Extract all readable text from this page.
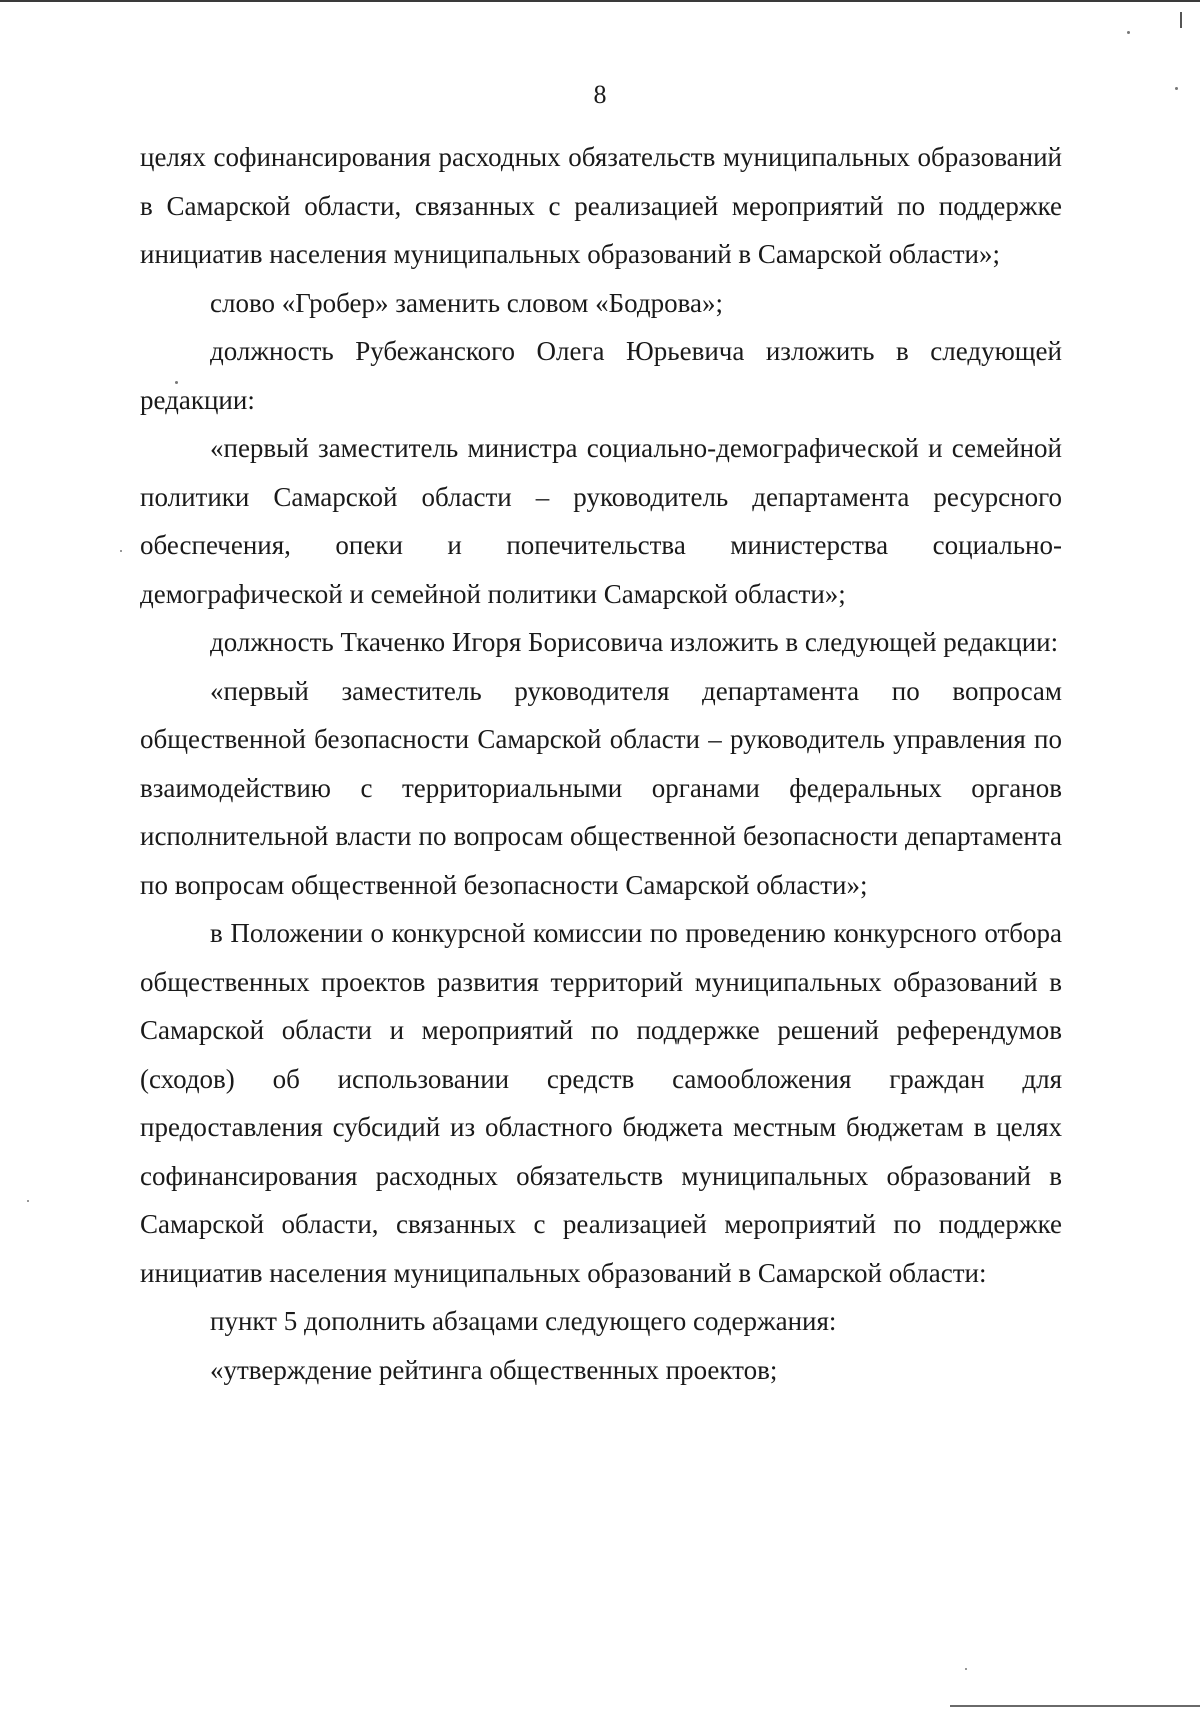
8

целях софинансирования расходных обязательств муниципальных образований в Самарской области, связанных с реализацией мероприятий по поддержке инициатив населения муниципальных образований в Самарской области»;

слово «Гробер» заменить словом «Бодрова»;

должность Рубежанского Олега Юрьевича изложить в следующей редакции:

«первый заместитель министра социально-демографической и семейной политики Самарской области – руководитель департамента ресурсного обеспечения, опеки и попечительства министерства социально-демографической и семейной политики Самарской области»;

должность Ткаченко Игоря Борисовича изложить в следующей редакции:

«первый заместитель руководителя департамента по вопросам общественной безопасности Самарской области – руководитель управления по взаимодействию с территориальными органами федеральных органов исполнительной власти по вопросам общественной безопасности департамента по вопросам общественной безопасности Самарской области»;

в Положении о конкурсной комиссии по проведению конкурсного отбора общественных проектов развития территорий муниципальных образований в Самарской области и мероприятий по поддержке решений референдумов (сходов) об использовании средств самообложения граждан для предоставления субсидий из областного бюджета местным бюджетам в целях софинансирования расходных обязательств муниципальных образований в Самарской области, связанных с реализацией мероприятий по поддержке инициатив населения муниципальных образований в Самарской области:

пункт 5 дополнить абзацами следующего содержания:

«утверждение рейтинга общественных проектов;
